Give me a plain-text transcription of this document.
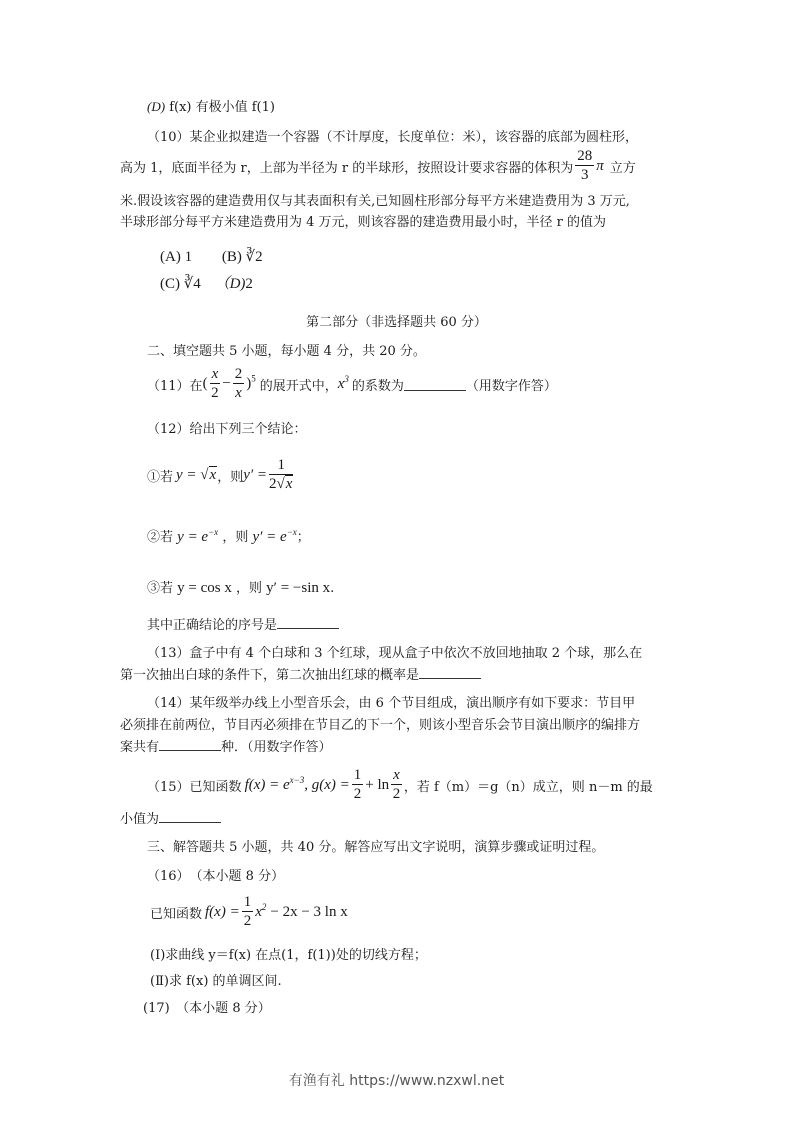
(D) f(x) 有极小值 f(1)
（10）某企业拟建造一个容器（不计厚度，长度单位：米），该容器的底部为圆柱形，
高为 1，底面半径为 r，上部为半径为 r 的半球形，按照设计要求容器的体积为 $\frac{28}{3}$ π 立方
米.假设该容器的建造费用仅与其表面积有关,已知圆柱形部分每平方米建造费用为 3 万元,
半球形部分每平方米建造费用为 4 万元，则该容器的建造费用最小时，半径 r 的值为
(A) 1 (B) ∛2
(C) ∛4 （D)2
第二部分（非选择题共 60 分）
二、填空题共 5 小题，每小题 4 分，共 20 分。
（11） 在 ( $\frac{x}{2} - \frac{2}{x} )^5$
的展开式中， $x^3$ 的系数为	（用数字作答）
（12）给出下列三个结论：
①若 y = √x ，则 $y' = \frac{1}{2√x}$
②若 $y = e^{-x}$ ，则 $y' = e^{-x}$；
③若 y = cos x ，则 y′ = −sin x.
其中正确结论的序号是
（13）盒子中有 4 个白球和 3 个红球，现从盒子中依次不放回地抽取 2 个球，那么在
第一次抽出白球的条件下，第二次抽出红球的概率是
（14）某年级举办线上小型音乐会，由 6 个节目组成，演出顺序有如下要求：节目甲
必须排在前两位，节目丙必须排在节目乙的下一个，则该小型音乐会节目演出顺序的编排方
案共有	种．（用数字作答）
（15） 已知函数 $f(x) = e^{x-3}$ , $g(x) = \frac{1}{2} + \ln \frac{x}{2}$ ，若 f（m）＝g（n）成立，则 n－m 的最
小值为
三、解答题共 5 小题，共 40 分。解答应写出文字说明，演算步骤或证明过程。
（16）　（本小题 8 分）
已知函数 $f(x) = \frac{1}{2} x^2 - 2x - 3$ ln x
(Ⅰ)求曲线 y＝f(x) 在点(1，f(1))处的切线方程；
(Ⅱ)求 f(x) 的单调区间.
(17)　（本小题 8 分）
有渔有礼 https://www.nzxwl.net
